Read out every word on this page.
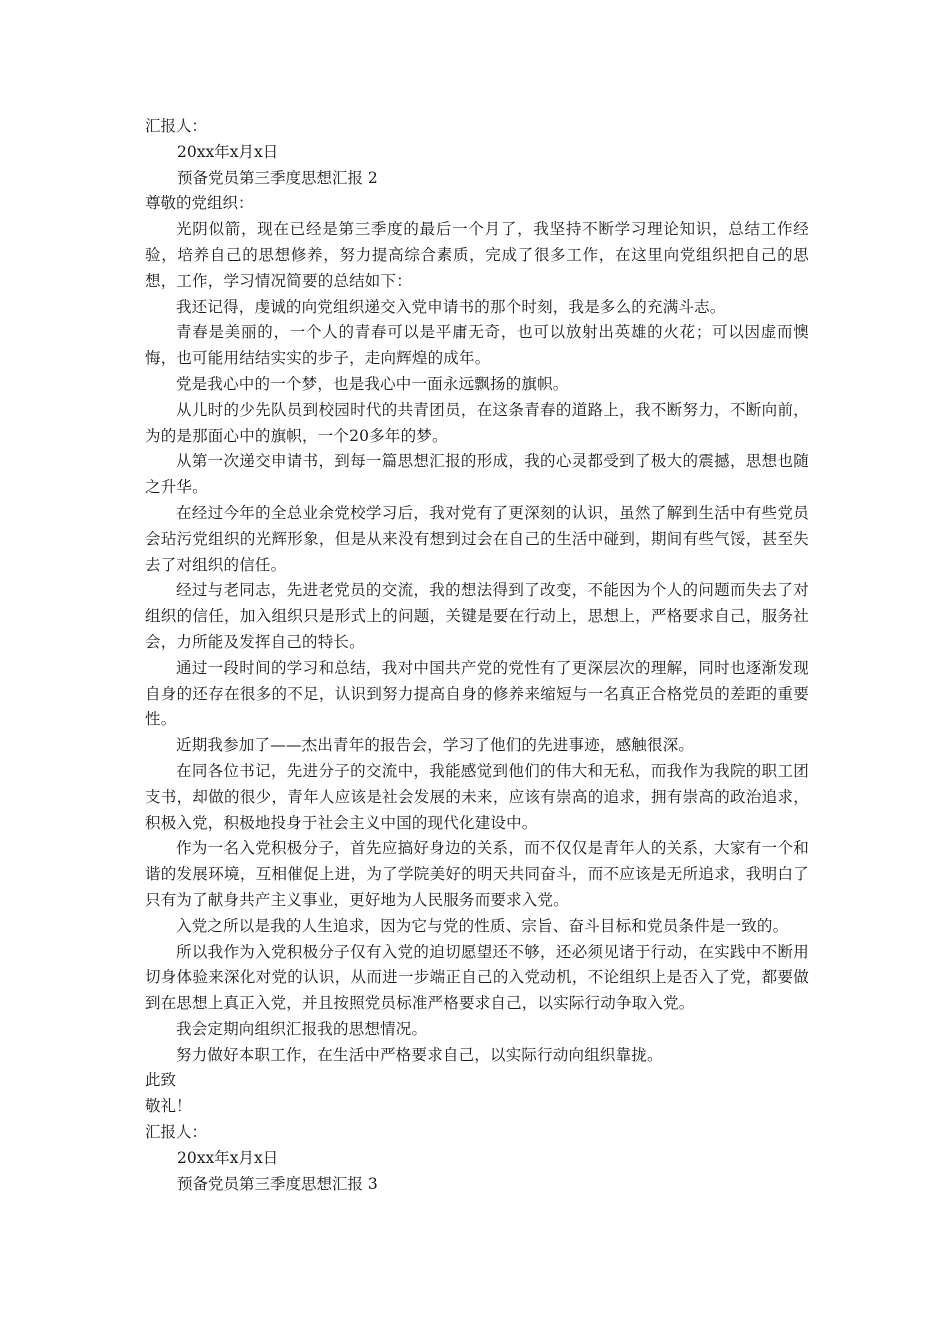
汇报人：

20xx年x月x日

预备党员第三季度思想汇报 2

尊敬的党组织：

光阴似箭，现在已经是第三季度的最后一个月了，我坚持不断学习理论知识，总结工作经验，培养自己的思想修养，努力提高综合素质，完成了很多工作，在这里向党组织把自己的思想，工作，学习情况简要的总结如下：

我还记得，虔诚的向党组织递交入党申请书的那个时刻，我是多么的充满斗志。

青春是美丽的，一个人的青春可以是平庸无奇，也可以放射出英雄的火花；可以因虚而懊悔，也可能用结结实实的步子，走向辉煌的成年。

党是我心中的一个梦，也是我心中一面永远飘扬的旗帜。

从儿时的少先队员到校园时代的共青团员，在这条青春的道路上，我不断努力，不断向前，为的是那面心中的旗帜，一个20多年的梦。

从第一次递交申请书，到每一篇思想汇报的形成，我的心灵都受到了极大的震撼，思想也随之升华。

在经过今年的全总业余党校学习后，我对党有了更深刻的认识，虽然了解到生活中有些党员会玷污党组织的光辉形象，但是从来没有想到过会在自己的生活中碰到，期间有些气馁，甚至失去了对组织的信任。

经过与老同志，先进老党员的交流，我的想法得到了改变，不能因为个人的问题而失去了对组织的信任，加入组织只是形式上的问题，关键是要在行动上，思想上，严格要求自己，服务社会，力所能及发挥自己的特长。

通过一段时间的学习和总结，我对中国共产党的党性有了更深层次的理解，同时也逐渐发现自身的还存在很多的不足，认识到努力提高自身的修养来缩短与一名真正合格党员的差距的重要性。

近期我参加了——杰出青年的报告会，学习了他们的先进事迹，感触很深。

在同各位书记，先进分子的交流中，我能感觉到他们的伟大和无私，而我作为我院的职工团支书，却做的很少，青年人应该是社会发展的未来，应该有崇高的追求，拥有崇高的政治追求，积极入党，积极地投身于社会主义中国的现代化建设中。

作为一名入党积极分子，首先应搞好身边的关系，而不仅仅是青年人的关系，大家有一个和谐的发展环境，互相催促上进，为了学院美好的明天共同奋斗，而不应该是无所追求，我明白了只有为了献身共产主义事业，更好地为人民服务而要求入党。

入党之所以是我的人生追求，因为它与党的性质、宗旨、奋斗目标和党员条件是一致的。

所以我作为入党积极分子仅有入党的迫切愿望还不够，还必须见诸于行动，在实践中不断用切身体验来深化对党的认识，从而进一步端正自己的入党动机，不论组织上是否入了党，都要做到在思想上真正入党，并且按照党员标准严格要求自己，以实际行动争取入党。

我会定期向组织汇报我的思想情况。

努力做好本职工作，在生活中严格要求自己，以实际行动向组织靠拢。

此致

敬礼！

汇报人：

20xx年x月x日

预备党员第三季度思想汇报 3
